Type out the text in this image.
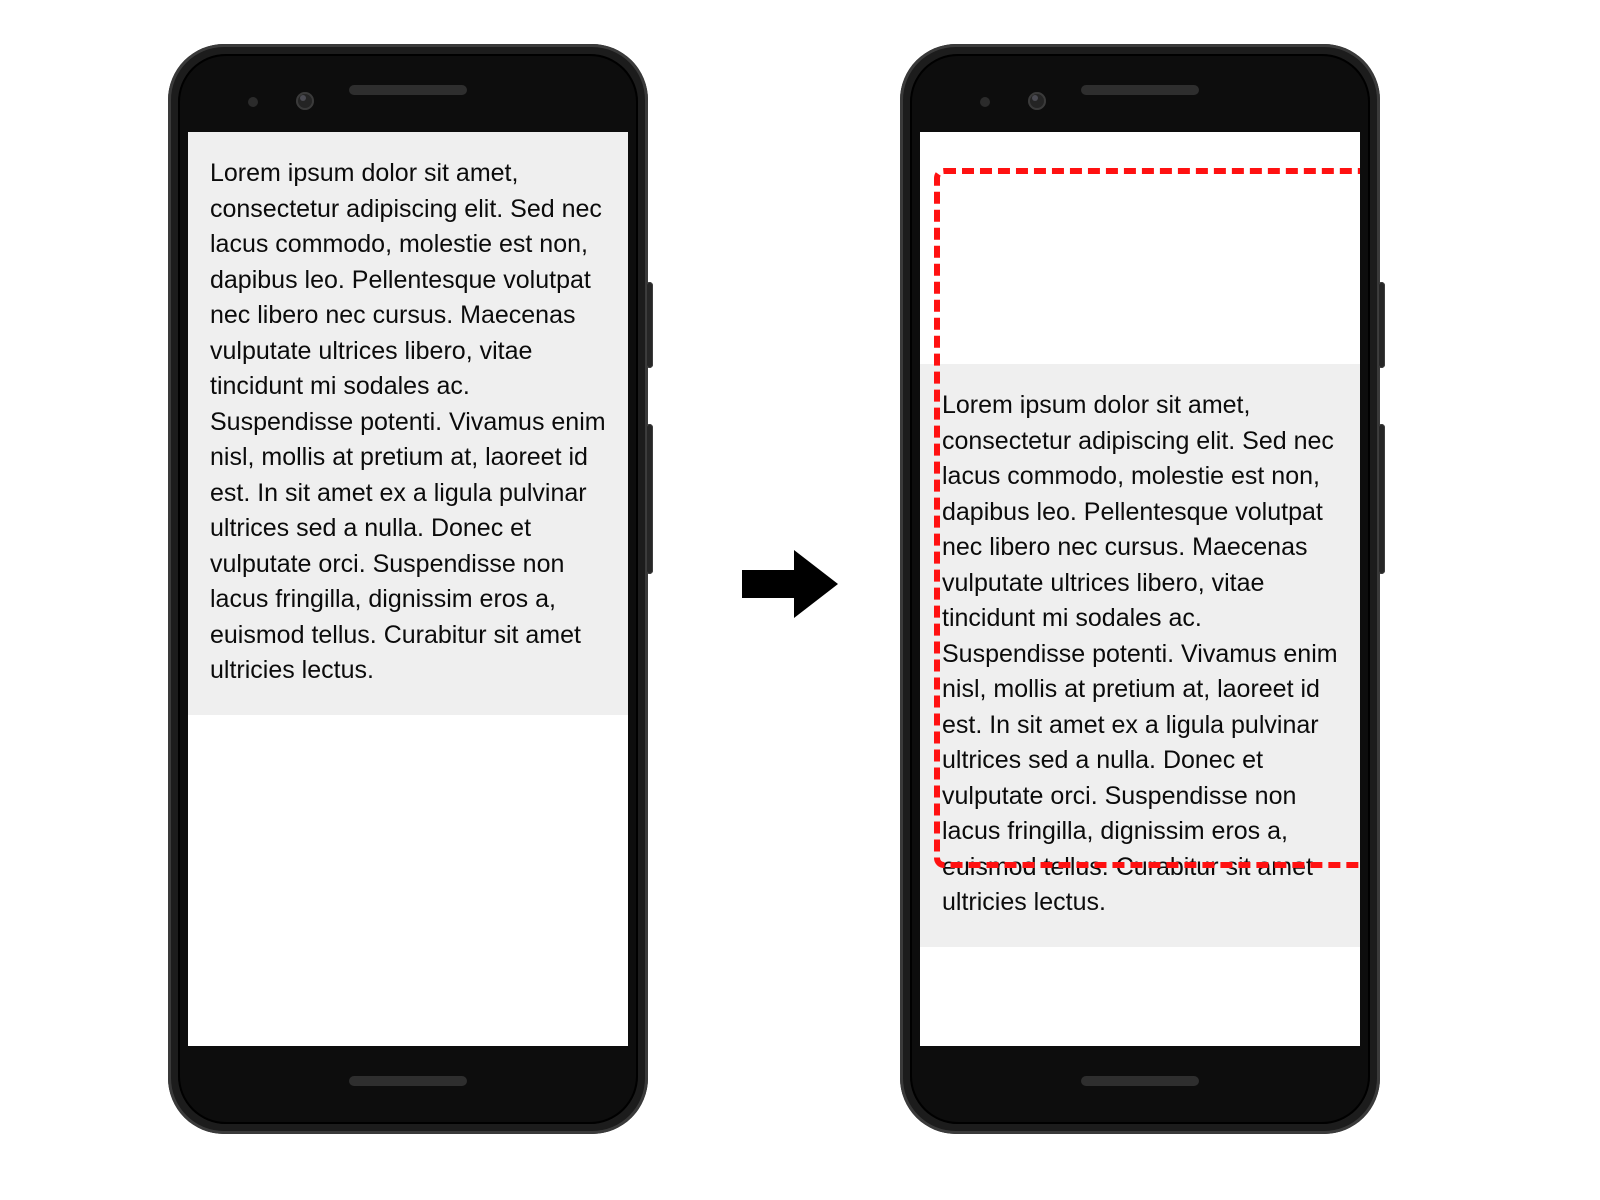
Lorem ipsum dolor sit amet, consectetur adipiscing elit. Sed nec lacus commodo, molestie est non, dapibus leo. Pellentesque volutpat nec libero nec cursus. Maecenas vulputate ultrices libero, vitae tincidunt mi sodales ac. Suspendisse potenti. Vivamus enim nisl, mollis at pretium at, laoreet id est. In sit amet ex a ligula pulvinar ultrices sed a nulla. Donec et vulputate orci. Suspendisse non lacus fringilla, dignissim eros a, euismod tellus. Curabitur sit amet ultricies lectus.

Lorem ipsum dolor sit amet, consectetur adipiscing elit. Sed nec lacus commodo, molestie est non, dapibus leo. Pellentesque volutpat nec libero nec cursus. Maecenas vulputate ultrices libero, vitae tincidunt mi sodales ac. Suspendisse potenti. Vivamus enim nisl, mollis at pretium at, laoreet id est. In sit amet ex a ligula pulvinar ultrices sed a nulla. Donec et vulputate orci. Suspendisse non lacus fringilla, dignissim eros a, euismod tellus. Curabitur sit amet ultricies lectus.
